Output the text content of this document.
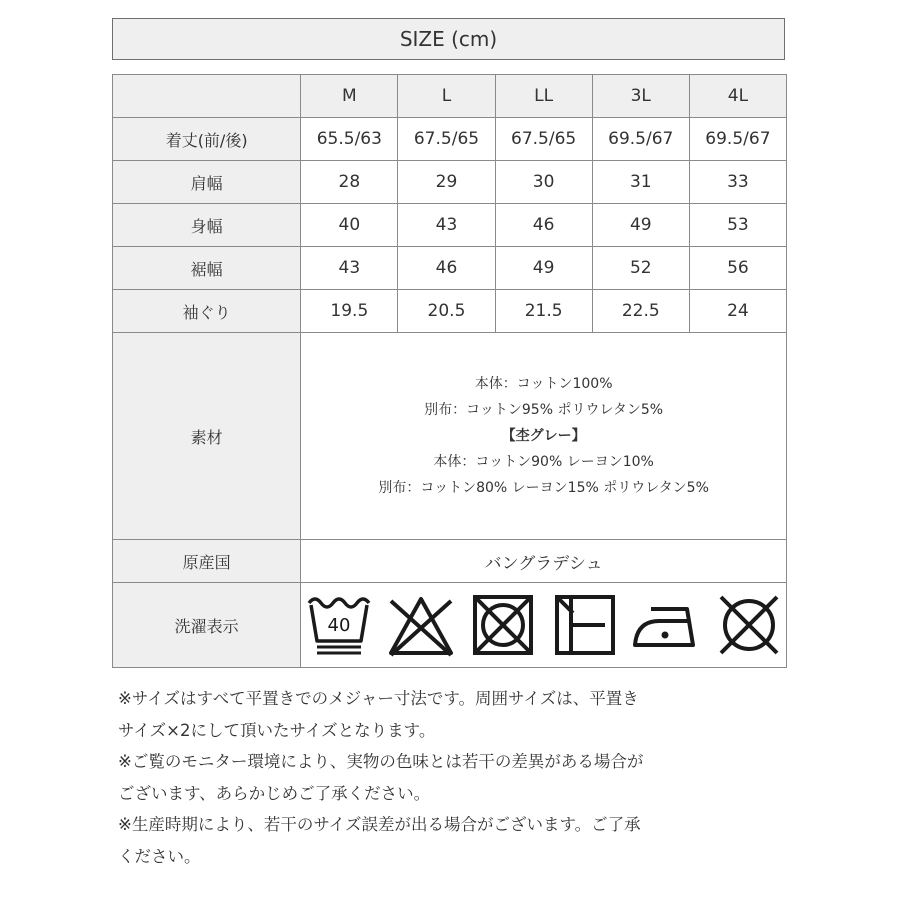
SIZE (cm)
	M	L	LL	3L	4L
着丈(前/後)	65.5/63	67.5/65	67.5/65	69.5/67	69.5/67
肩幅	28	29	30	31	33
身幅	40	43	46	49	53
裾幅	43	46	49	52	56
袖ぐり	19.5	20.5	21.5	22.5	24
素材	本体：コットン100%
別布：コットン95% ポリウレタン5%
【杢グレー】
本体：コットン90% レーヨン10%
別布：コットン80% レーヨン15% ポリウレタン5%				

原産国	バングラデシュ				
洗濯表示	40				
※サイズはすべて平置きでのメジャー寸法です。周囲サイズは、平置き
サイズ×2にして頂いたサイズとなります。
※ご覧のモニター環境により、実物の色味とは若干の差異がある場合が
ございます、あらかじめご了承ください。
※生産時期により、若干のサイズ誤差が出る場合がございます。ご了承
ください。
